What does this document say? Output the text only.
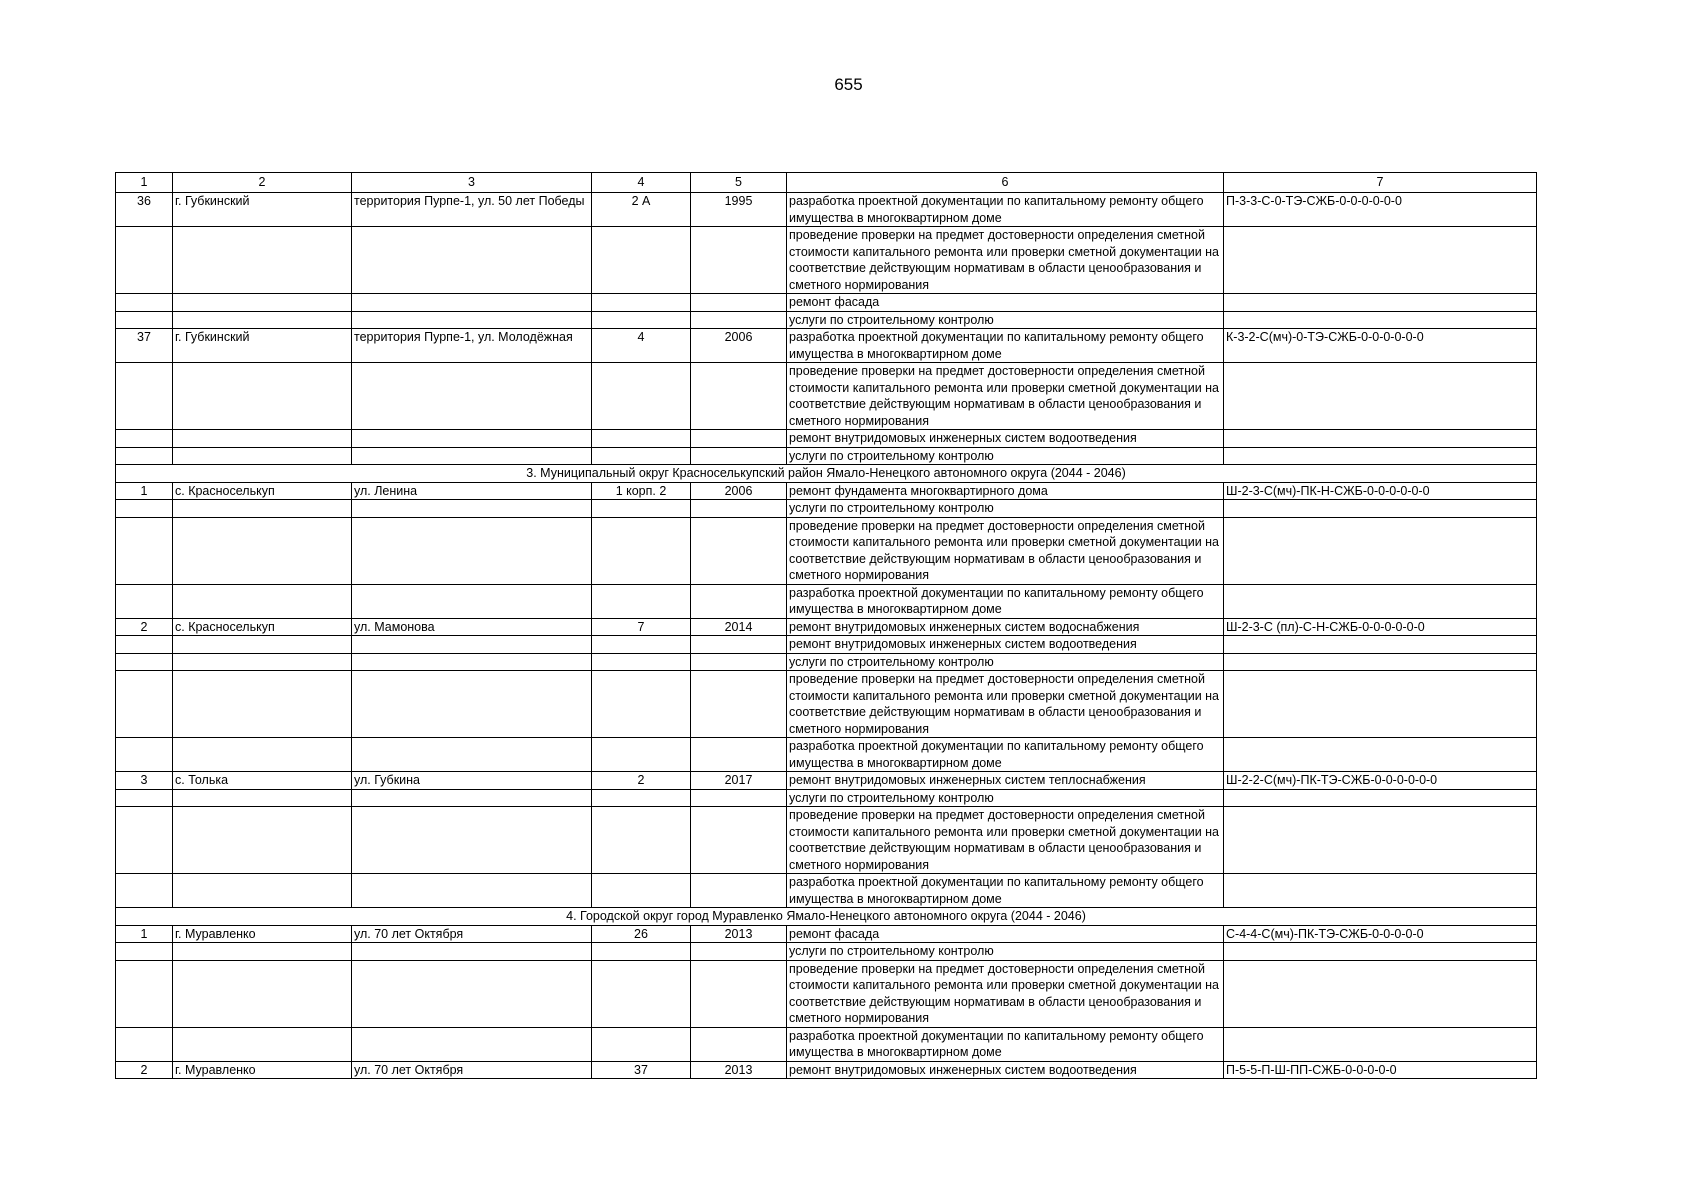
655
1	2	3	4	5	6	7
36	г. Губкинский	территория Пурпе-1, ул. 50 лет Победы	2 А	1995	разработка проектной документации по капитальному ремонту общего имущества в многоквартирном доме	П-3-3-С-0-ТЭ-СЖБ-0-0-0-0-0-0
					проведение проверки на предмет достоверности определения сметной стоимости капитального ремонта или проверки сметной документации на соответствие действующим нормативам в области ценообразования и сметного нормирования	
					ремонт фасада	
					услуги по строительному контролю	
37	г. Губкинский	территория Пурпе-1, ул. Молодёжная	4	2006	разработка проектной документации по капитальному ремонту общего имущества в многоквартирном доме	К-3-2-С(мч)-0-ТЭ-СЖБ-0-0-0-0-0-0
					проведение проверки на предмет достоверности определения сметной стоимости капитального ремонта или проверки сметной документации на соответствие действующим нормативам в области ценообразования и сметного нормирования	
					ремонт внутридомовых инженерных систем водоотведения	
					услуги по строительному контролю	
3. Муниципальный округ Красноселькупский район Ямало-Ненецкого автономного округа (2044 - 2046)						
1	с. Красноселькуп	ул. Ленина	1 корп. 2	2006	ремонт фундамента многоквартирного дома	Ш-2-3-С(мч)-ПК-Н-СЖБ-0-0-0-0-0-0
					услуги по строительному контролю	
					проведение проверки на предмет достоверности определения сметной стоимости капитального ремонта или проверки сметной документации на соответствие действующим нормативам в области ценообразования и сметного нормирования	
					разработка проектной документации по капитальному ремонту общего имущества в многоквартирном доме	
2	с. Красноселькуп	ул. Мамонова	7	2014	ремонт внутридомовых инженерных систем водоснабжения	Ш-2-3-С (пл)-С-Н-СЖБ-0-0-0-0-0-0
					ремонт внутридомовых инженерных систем водоотведения	
					услуги по строительному контролю	
					проведение проверки на предмет достоверности определения сметной стоимости капитального ремонта или проверки сметной документации на соответствие действующим нормативам в области ценообразования и сметного нормирования	
					разработка проектной документации по капитальному ремонту общего имущества в многоквартирном доме	
3	с. Толька	ул. Губкина	2	2017	ремонт внутридомовых инженерных систем теплоснабжения	Ш-2-2-С(мч)-ПК-ТЭ-СЖБ-0-0-0-0-0-0
					услуги по строительному контролю	
					проведение проверки на предмет достоверности определения сметной стоимости капитального ремонта или проверки сметной документации на соответствие действующим нормативам в области ценообразования и сметного нормирования	
					разработка проектной документации по капитальному ремонту общего имущества в многоквартирном доме	
4. Городской округ город Муравленко Ямало-Ненецкого автономного округа (2044 - 2046)						
1	г. Муравленко	ул. 70 лет Октября	26	2013	ремонт фасада	С-4-4-С(мч)-ПК-ТЭ-СЖБ-0-0-0-0-0
					услуги по строительному контролю	
					проведение проверки на предмет достоверности определения сметной стоимости капитального ремонта или проверки сметной документации на соответствие действующим нормативам в области ценообразования и сметного нормирования	
					разработка проектной документации по капитальному ремонту общего имущества в многоквартирном доме	
2	г. Муравленко	ул. 70 лет Октября	37	2013	ремонт внутридомовых инженерных систем водоотведения	П-5-5-П-Ш-ПП-СЖБ-0-0-0-0-0
